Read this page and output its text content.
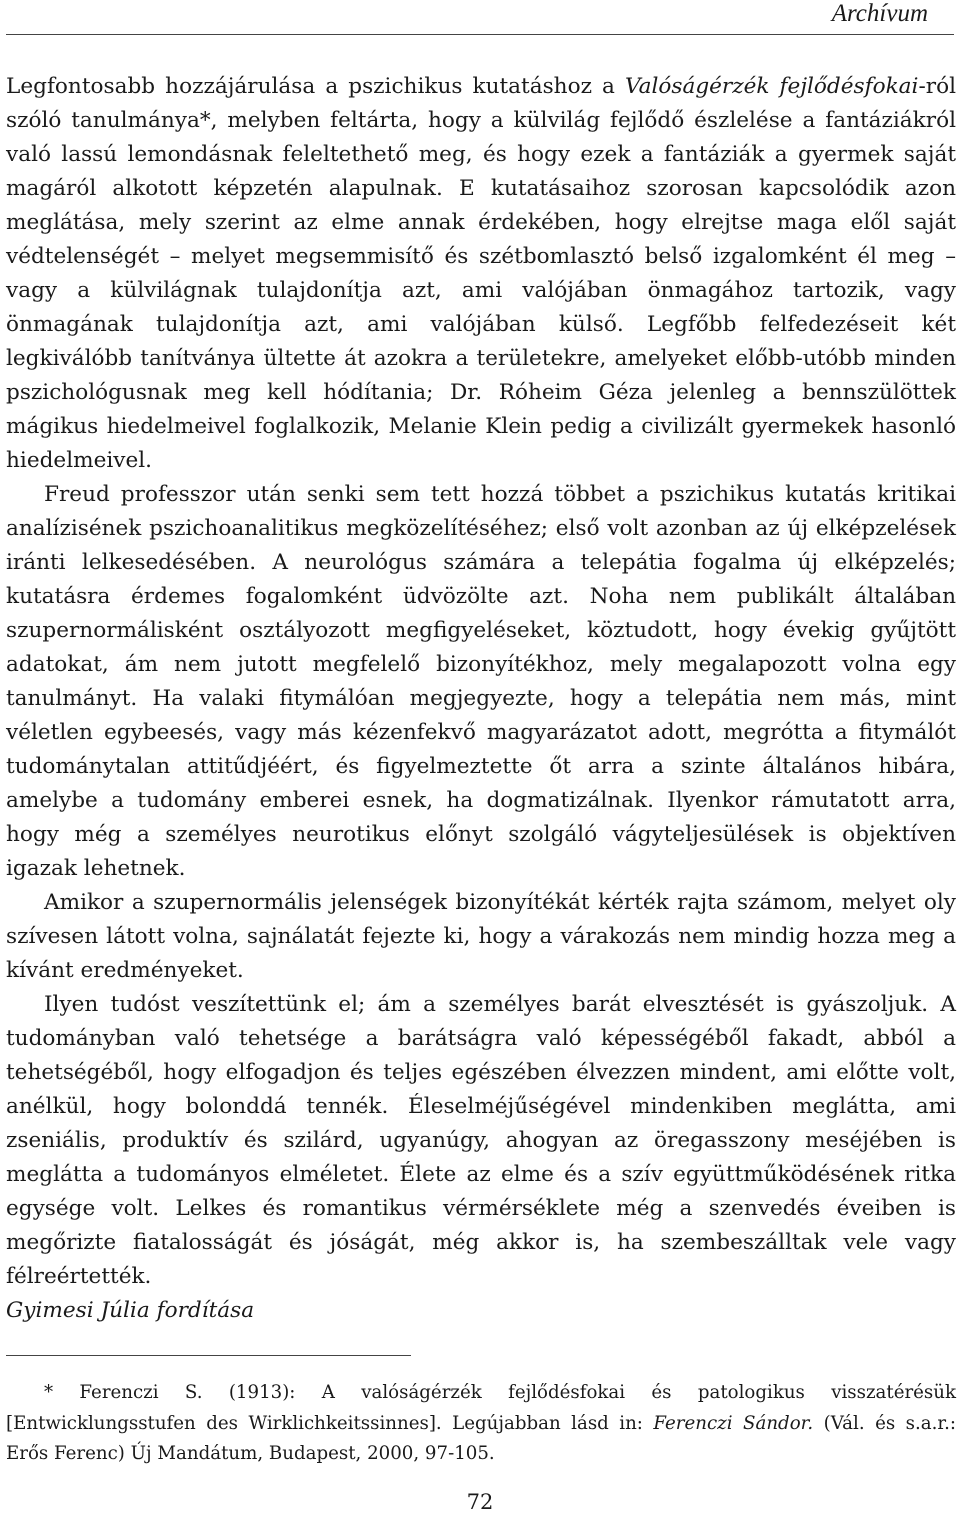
Archívum

Legfontosabb hozzájárulása a pszichikus kutatáshoz a Valóságérzék fejlődésfokai-ról szóló tanulmánya*, melyben feltárta, hogy a külvilág fejlődő észlelése a fantáziákról való lassú lemondásnak feleltethető meg, és hogy ezek a fantáziák a gyermek saját magáról alkotott képzetén alapulnak. E kutatásaihoz szorosan kapcsolódik azon meglátása, mely szerint az elme annak érdekében, hogy elrejtse maga elől saját védtelenségét – melyet megsemmisítő és szétbomlasztó belső izgalomként él meg – vagy a külvilágnak tulajdonítja azt, ami valójában önmagához tartozik, vagy önmagának tulajdonítja azt, ami valójában külső. Legfőbb felfedezéseit két legkiválóbb tanítványa ültette át azokra a területekre, amelyeket előbb-utóbb minden pszichológusnak meg kell hódítania; Dr. Róheim Géza jelenleg a bennszülöttek mágikus hiedelmeivel foglalkozik, Melanie Klein pedig a civilizált gyermekek hasonló hiedelmeivel.

Freud professzor után senki sem tett hozzá többet a pszichikus kutatás kritikai analízisének pszichoanalitikus megközelítéséhez; első volt azonban az új elképzelések iránti lelkesedésében. A neurológus számára a telepátia fogalma új elképzelés; kutatásra érdemes fogalomként üdvözölte azt. Noha nem publikált általában szupernormálisként osztályozott megfigyeléseket, köztudott, hogy évekig gyűjtött adatokat, ám nem jutott megfelelő bizonyítékhoz, mely megalapozott volna egy tanulmányt. Ha valaki fitymálóan megjegyezte, hogy a telepátia nem más, mint véletlen egybeesés, vagy más kézenfekvő magyarázatot adott, megrótta a fitymálót tudománytalan attitűdjéért, és figyelmeztette őt arra a szinte általános hibára, amelybe a tudomány emberei esnek, ha dogmatizálnak. Ilyenkor rámutatott arra, hogy még a személyes neurotikus előnyt szolgáló vágyteljesülések is objektíven igazak lehetnek.

Amikor a szupernormális jelenségek bizonyítékát kérték rajta számom, melyet oly szívesen látott volna, sajnálatát fejezte ki, hogy a várakozás nem mindig hozza meg a kívánt eredményeket.

Ilyen tudóst veszítettünk el; ám a személyes barát elvesztését is gyászoljuk. A tudományban való tehetsége a barátságra való képességéből fakadt, abból a tehetségéből, hogy elfogadjon és teljes egészében élvezzen mindent, ami előtte volt, anélkül, hogy bolonddá tennék. Éleselméjűségével mindenkiben meglátta, ami zseniális, produktív és szilárd, ugyanúgy, ahogyan az öregasszony meséjében is meglátta a tudományos elméletet. Élete az elme és a szív együttműködésének ritka egysége volt. Lelkes és romantikus vérmérséklete még a szenvedés éveiben is megőrizte fiatalosságát és jóságát, még akkor is, ha szembeszálltak vele vagy félreértették.

Gyimesi Júlia fordítása

* Ferenczi S. (1913): A valóságérzék fejlődésfokai és patologikus visszatérésük [Entwicklungsstufen des Wirklichkeitssinnes]. Legújabban lásd in: Ferenczi Sándor. (Vál. és s.a.r.: Erős Ferenc) Új Mandátum, Budapest, 2000, 97-105.
72
